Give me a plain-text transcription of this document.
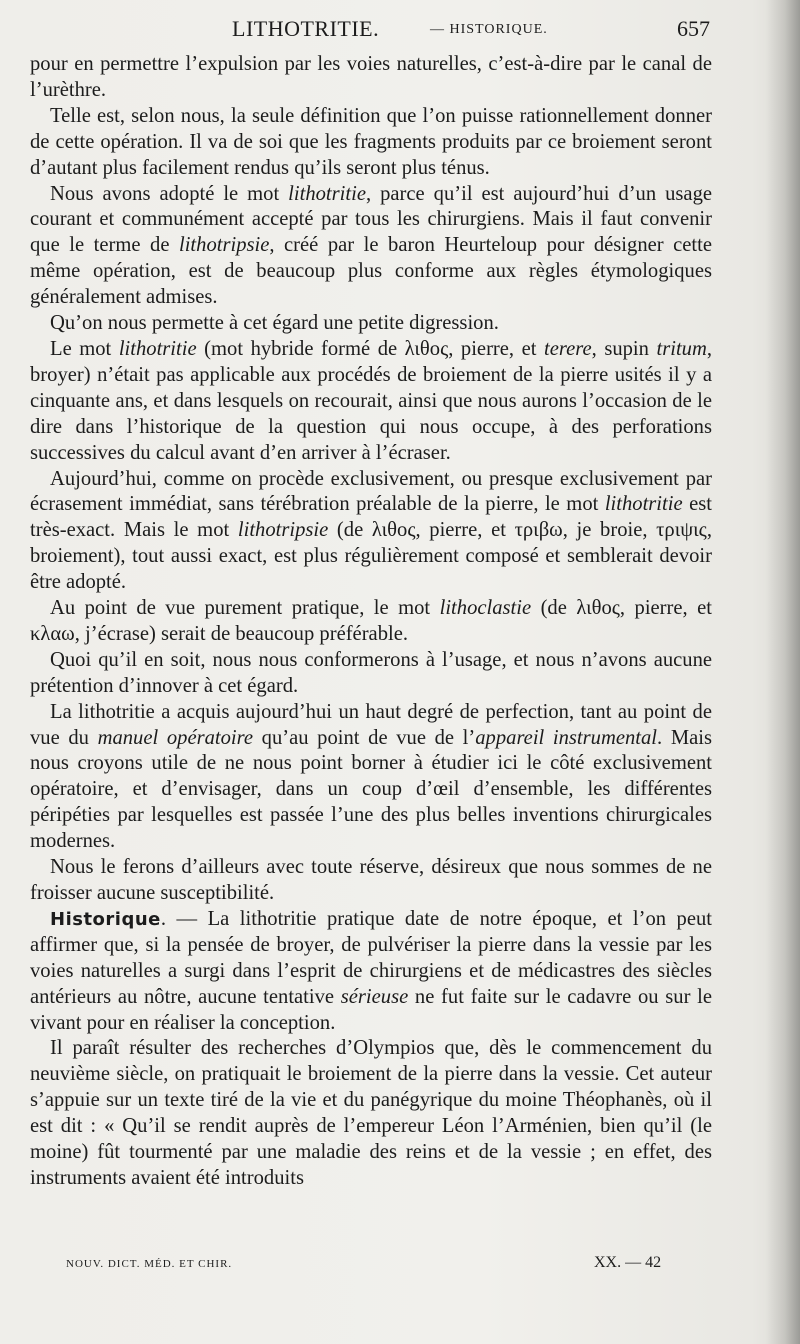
LITHOTRITIE.	— HISTORIQUE.	657

pour en permettre l’expulsion par les voies naturelles, c’est-à-dire par le canal de l’urèthre.

Telle est, selon nous, la seule définition que l’on puisse rationnellement donner de cette opération. Il va de soi que les fragments produits par ce broiement seront d’autant plus facilement rendus qu’ils seront plus ténus.

Nous avons adopté le mot lithotritie, parce qu’il est aujourd’hui d’un usage courant et communément accepté par tous les chirurgiens. Mais il faut convenir que le terme de lithotripsie, créé par le baron Heurteloup pour désigner cette même opération, est de beaucoup plus conforme aux règles étymologiques généralement admises.

Qu’on nous permette à cet égard une petite digression.

Le mot lithotritie (mot hybride formé de λιθος, pierre, et terere, supin tritum, broyer) n’était pas applicable aux procédés de broiement de la pierre usités il y a cinquante ans, et dans lesquels on recourait, ainsi que nous aurons l’occasion de le dire dans l’historique de la question qui nous occupe, à des perforations successives du calcul avant d’en arriver à l’écraser.

Aujourd’hui, comme on procède exclusivement, ou presque exclusivement par écrasement immédiat, sans térébration préalable de la pierre, le mot lithotritie est très-exact. Mais le mot lithotripsie (de λιθος, pierre, et τριβω, je broie, τριψις, broiement), tout aussi exact, est plus régulièrement composé et semblerait devoir être adopté.

Au point de vue purement pratique, le mot lithoclastie (de λιθος, pierre, et κλαω, j’écrase) serait de beaucoup préférable.

Quoi qu’il en soit, nous nous conformerons à l’usage, et nous n’avons aucune prétention d’innover à cet égard.

La lithotritie a acquis aujourd’hui un haut degré de perfection, tant au point de vue du manuel opératoire qu’au point de vue de l’appareil instrumental. Mais nous croyons utile de ne nous point borner à étudier ici le côté exclusivement opératoire, et d’envisager, dans un coup d’œil d’ensemble, les différentes péripéties par lesquelles est passée l’une des plus belles inventions chirurgicales modernes.

Nous le ferons d’ailleurs avec toute réserve, désireux que nous sommes de ne froisser aucune susceptibilité.

Historique. — La lithotritie pratique date de notre époque, et l’on peut affirmer que, si la pensée de broyer, de pulvériser la pierre dans la vessie par les voies naturelles a surgi dans l’esprit de chirurgiens et de médicastres des siècles antérieurs au nôtre, aucune tentative sérieuse ne fut faite sur le cadavre ou sur le vivant pour en réaliser la conception.

Il paraît résulter des recherches d’Olympios que, dès le commencement du neuvième siècle, on pratiquait le broiement de la pierre dans la vessie. Cet auteur s’appuie sur un texte tiré de la vie et du panégyrique du moine Théophanès, où il est dit : « Qu’il se rendit auprès de l’empereur Léon l’Arménien, bien qu’il (le moine) fût tourmenté par une maladie des reins et de la vessie ; en effet, des instruments avaient été introduits

NOUV. DICT. MÉD. ET CHIR.	XX. — 42
